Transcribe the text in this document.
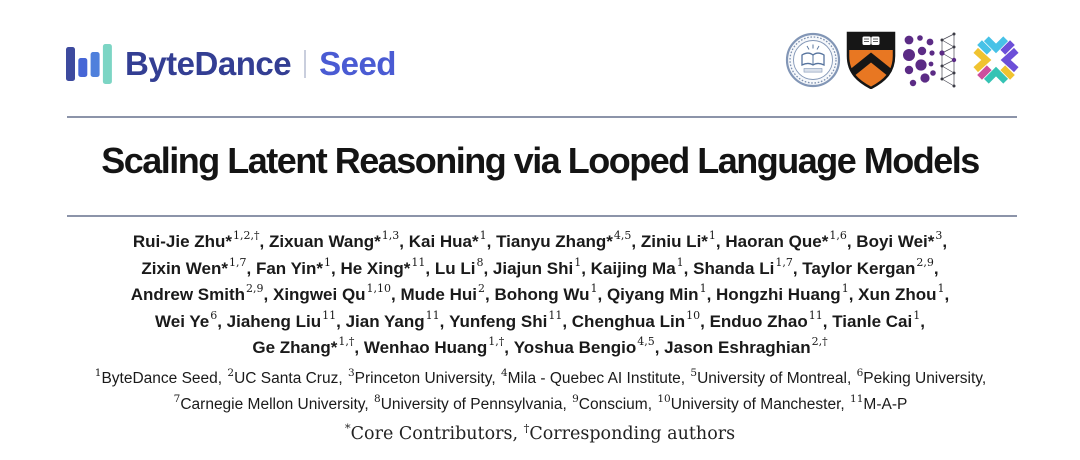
ByteDance Seed
Scaling Latent Reasoning via Looped Language Models
Rui-Jie Zhu*$^{1,2,\dagger}$, Zixuan Wang*$^{1,3}$, Kai Hua*$^1$, Tianyu Zhang*$^{4,5}$, Ziniu Li*$^1$, Haoran Que*$^{1,6}$, Boyi Wei*$^3$,
Zixin Wen*$^{1,7}$, Fan Yin*$^1$, He Xing*$^{11}$, Lu Li$^8$, Jiajun Shi$^1$, Kaijing Ma$^1$, Shanda Li$^{1,7}$, Taylor Kergan$^{2,9}$,
Andrew Smith$^{2,9}$, Xingwei Qu$^{1,10}$, Mude Hui$^2$, Bohong Wu$^1$, Qiyang Min$^1$, Hongzhi Huang$^1$, Xun Zhou$^1$,
Wei Ye$^6$, Jiaheng Liu$^{11}$, Jian Yang$^{11}$, Yunfeng Shi$^{11}$, Chenghua Lin$^{10}$, Enduo Zhao$^{11}$, Tianle Cai$^1$,
Ge Zhang*$^{1,\dagger}$, Wenhao Huang$^{1,\dagger}$, Yoshua Bengio$^{4,5}$, Jason Eshraghian$^{2,\dagger}$
$^1$ByteDance Seed, $^2$UC Santa Cruz, $^3$Princeton University, $^4$Mila - Quebec AI Institute, $^5$University of Montreal, $^6$Peking University, $^7$Carnegie Mellon University, $^8$University of Pennsylvania, $^9$Conscium, $^{10}$University of Manchester, $^{11}$M-A-P
*Core Contributors, †Corresponding authors
